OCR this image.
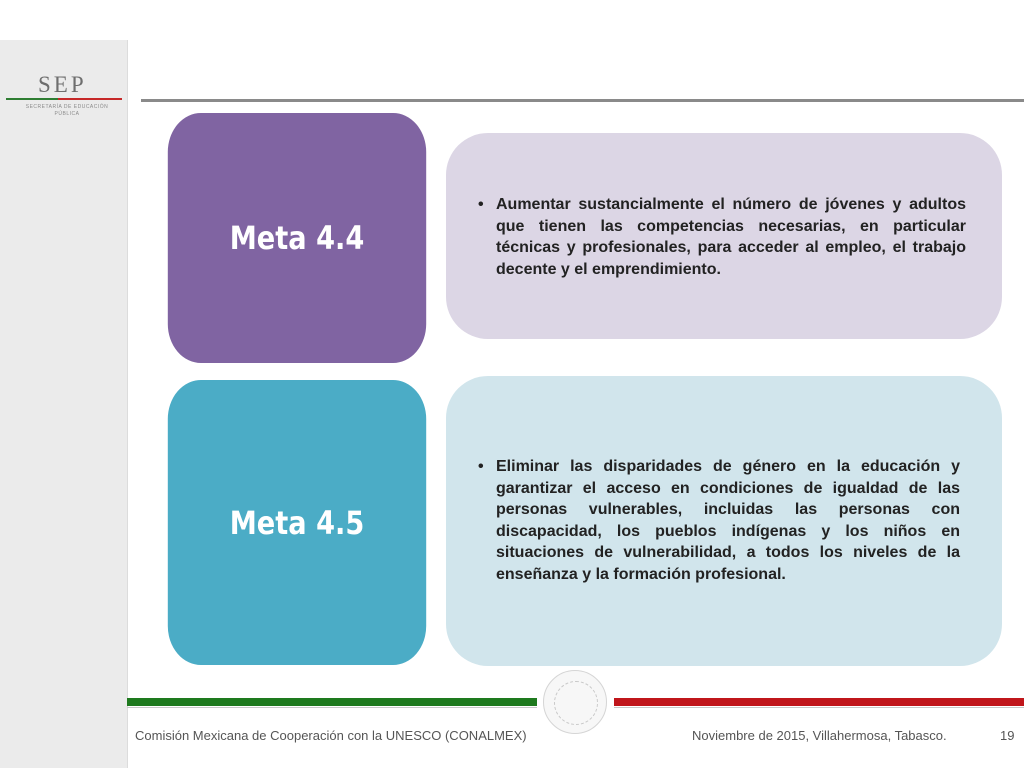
SEP
SECRETARÍA DE EDUCACIÓN PÚBLICA
Meta 4.4
Meta 4.5
• Aumentar sustancialmente el número de jóvenes y adultos que tienen las competencias necesarias, en particular técnicas y profesionales, para acceder al empleo, el trabajo decente y el emprendimiento.
• Eliminar las disparidades de género en la educación y garantizar el acceso en condiciones de igualdad de las personas vulnerables, incluidas las personas con discapacidad, los pueblos indígenas y los niños en situaciones de vulnerabilidad, a todos los niveles de la enseñanza y la formación profesional.
Comisión Mexicana de Cooperación con la UNESCO (CONALMEX)	Noviembre de 2015, Villahermosa, Tabasco.	19
